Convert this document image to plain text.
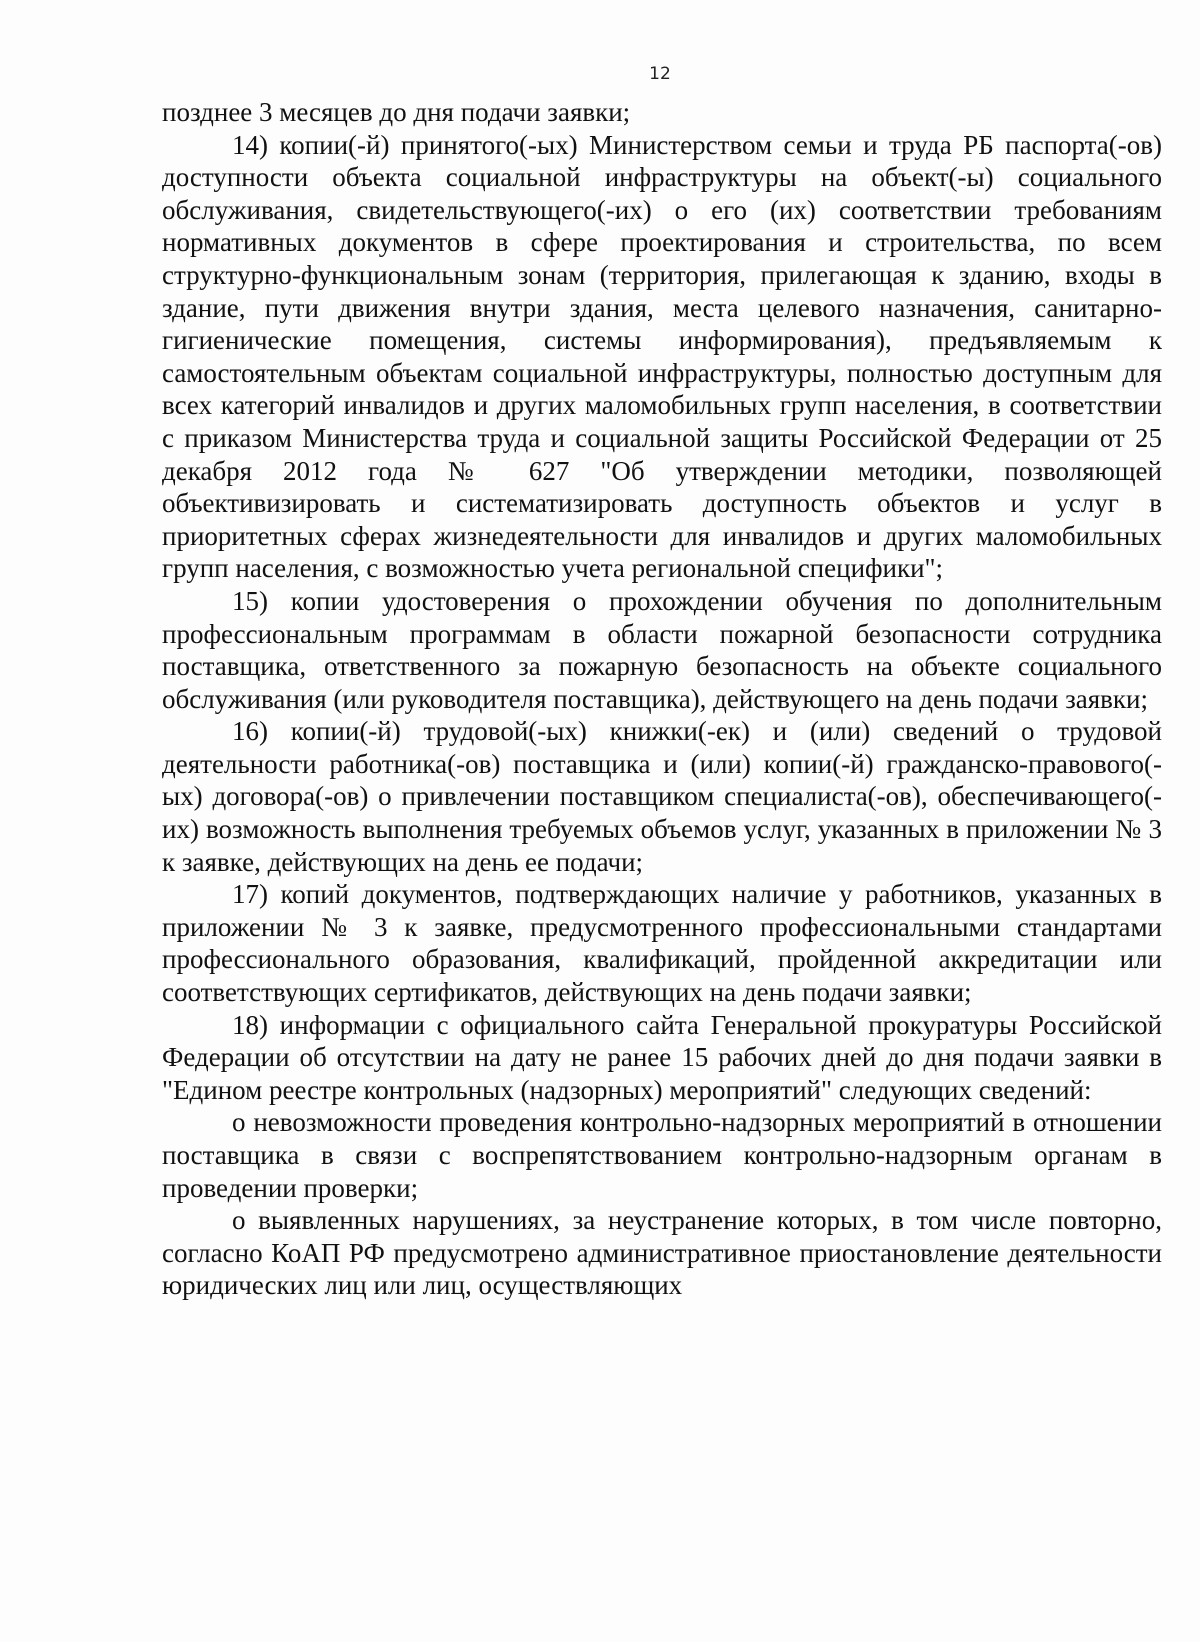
12

позднее 3 месяцев до дня подачи заявки;

14) копии(-й) принятого(-ых) Министерством семьи и труда РБ паспорта(-ов) доступности объекта социальной инфраструктуры на объект(-ы) социального обслуживания, свидетельствующего(-их) о его (их) соответствии требованиям нормативных документов в сфере проектирования и строительства, по всем структурно-функциональным зонам (территория, прилегающая к зданию, входы в здание, пути движения внутри здания, места целевого назначения, санитарно-гигиенические помещения, системы информирования), предъявляемым к самостоятельным объектам социальной инфраструктуры, полностью доступным для всех категорий инвалидов и других маломобильных групп населения, в соответствии с приказом Министерства труда и социальной защиты Российской Федерации от 25 декабря 2012 года № 627 "Об утверждении методики, позволяющей объективизировать и систематизировать доступность объектов и услуг в приоритетных сферах жизнедеятельности для инвалидов и других маломобильных групп населения, с возможностью учета региональной специфики";

15) копии удостоверения о прохождении обучения по дополнительным профессиональным программам в области пожарной безопасности сотрудника поставщика, ответственного за пожарную безопасность на объекте социального обслуживания (или руководителя поставщика), действующего на день подачи заявки;

16) копии(-й) трудовой(-ых) книжки(-ек) и (или) сведений о трудовой деятельности работника(-ов) поставщика и (или) копии(-й) гражданско-правового(-ых) договора(-ов) о привлечении поставщиком специалиста(-ов), обеспечивающего(-их) возможность выполнения требуемых объемов услуг, указанных в приложении № 3 к заявке, действующих на день ее подачи;

17) копий документов, подтверждающих наличие у работников, указанных в приложении № 3 к заявке, предусмотренного профессиональными стандартами профессионального образования, квалификаций, пройденной аккредитации или соответствующих сертификатов, действующих на день подачи заявки;

18) информации с официального сайта Генеральной прокуратуры Российской Федерации об отсутствии на дату не ранее 15 рабочих дней до дня подачи заявки в "Едином реестре контрольных (надзорных) мероприятий" следующих сведений:

о невозможности проведения контрольно-надзорных мероприятий в отношении поставщика в связи с воспрепятствованием контрольно-надзорным органам в проведении проверки;

о выявленных нарушениях, за неустранение которых, в том числе повторно, согласно КоАП РФ предусмотрено административное приостановление деятельности юридических лиц или лиц, осуществляющих
